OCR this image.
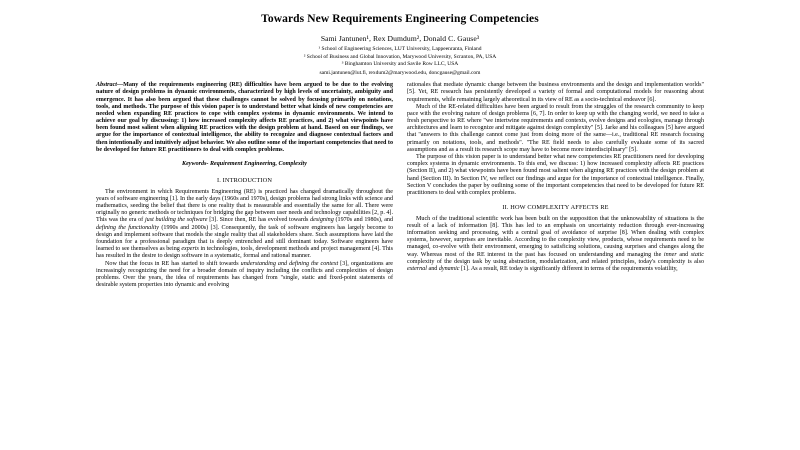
Towards New Requirements Engineering Competencies
Sami Jantunen¹, Rex Dumdum², Donald C. Gause³
¹ School of Engineering Sciences, LUT University, Lappeenranta, Finland
² School of Business and Global Innovation, Marywood University, Scranton, PA, USA
³ Binghamton University and Savile Row LLC, USA
sami.jantunen@lut.fi, rexdum2@marywood.edu, doncgause@gmail.com
Abstract—Many of the requirements engineering (RE) difficulties have been argued to be due to the evolving nature of design problems in dynamic environments, characterized by high levels of uncertainty, ambiguity and emergence. It has also been argued that these challenges cannot be solved by focusing primarily on notations, tools, and methods. The purpose of this vision paper is to understand better what kinds of new competencies are needed when expanding RE practices to cope with complex systems in dynamic environments. We intend to achieve our goal by discussing: 1) how increased complexity affects RE practices, and 2) what viewpoints have been found most salient when aligning RE practices with the design problem at hand. Based on our findings, we argue for the importance of contextual intelligence, the ability to recognize and diagnose contextual factors and then intentionally and intuitively adjust behavior. We also outline some of the important competencies that need to be developed for future RE practitioners to deal with complex problems.
Keywords- Requirement Engineering, Complexity
I. INTRODUCTION

The environment in which Requirements Engineering (RE) is practiced has changed dramatically throughout the years of software engineering [1]. In the early days (1960s and 1970s), design problems had strong links with science and mathematics, seeding the belief that there is one reality that is measurable and essentially the same for all. There were originally no generic methods or techniques for bridging the gap between user needs and technology capabilities [2, p. 4]. This was the era of just building the software [3]. Since then, RE has evolved towards designing (1970s and 1980s), and defining the functionality (1990s and 2000s) [3]. Consequently, the task of software engineers has largely become to design and implement software that models the single reality that all stakeholders share. Such assumptions have laid the foundation for a professional paradigm that is deeply entrenched and still dominant today. Software engineers have learned to see themselves as being experts in technologies, tools, development methods and project management [4]. This has resulted in the desire to design software in a systematic, formal and rational manner.

Now that the focus in RE has started to shift towards understanding and defining the context [3], organizations are increasingly recognizing the need for a broader domain of inquiry including the conflicts and complexities of design problems. Over the years, the idea of requirements has changed from "single, static and fixed-point statements of desirable system properties into dynamic and evolving

rationales that mediate dynamic change between the business environments and the design and implementation worlds" [5]. Yet, RE research has persistently developed a variety of formal and computational models for reasoning about requirements, while remaining largely atheoretical in its view of RE as a socio-technical endeavor [6].

Much of the RE-related difficulties have been argued to result from the struggles of the research community to keep pace with the evolving nature of design problems [6, 7]. In order to keep up with the changing world, we need to take a fresh perspective to RE where "we intertwine requirements and contexts, evolve designs and ecologies, manage through architectures and learn to recognize and mitigate against design complexity" [5]. Jarke and his colleagues [5] have argued that "answers to this challenge cannot come just from doing more of the same—i.e., traditional RE research focusing primarily on notations, tools, and methods". "The RE field needs to also carefully evaluate some of its sacred assumptions and as a result its research scope may have to become more interdisciplinary" [5].

The purpose of this vision paper is to understand better what new competencies RE practitioners need for developing complex systems in dynamic environments. To this end, we discuss: 1) how increased complexity affects RE practices (Section II), and 2) what viewpoints have been found most salient when aligning RE practices with the design problem at hand (Section III). In Section IV, we reflect our findings and argue for the importance of contextual intelligence. Finally, Section V concludes the paper by outlining some of the important competencies that need to be developed for future RE practitioners to deal with complex problems.

II. HOW COMPLEXITY AFFECTS RE

Much of the traditional scientific work has been built on the supposition that the unknowability of situations is the result of a lack of information [8]. This has led to an emphasis on uncertainty reduction through ever-increasing information seeking and processing, with a central goal of avoidance of surprise [8]. When dealing with complex systems, however, surprises are inevitable. According to the complexity view, products, whose requirements need to be managed, co-evolve with their environment, emerging to satisficing solutions, causing surprises and changes along the way. Whereas most of the RE interest in the past has focused on understanding and managing the inner and static complexity of the design task by using abstraction, modularization, and related principles, today's complexity is also external and dynamic [1]. As a result, RE today is significantly different in terms of the requirements volatility,
